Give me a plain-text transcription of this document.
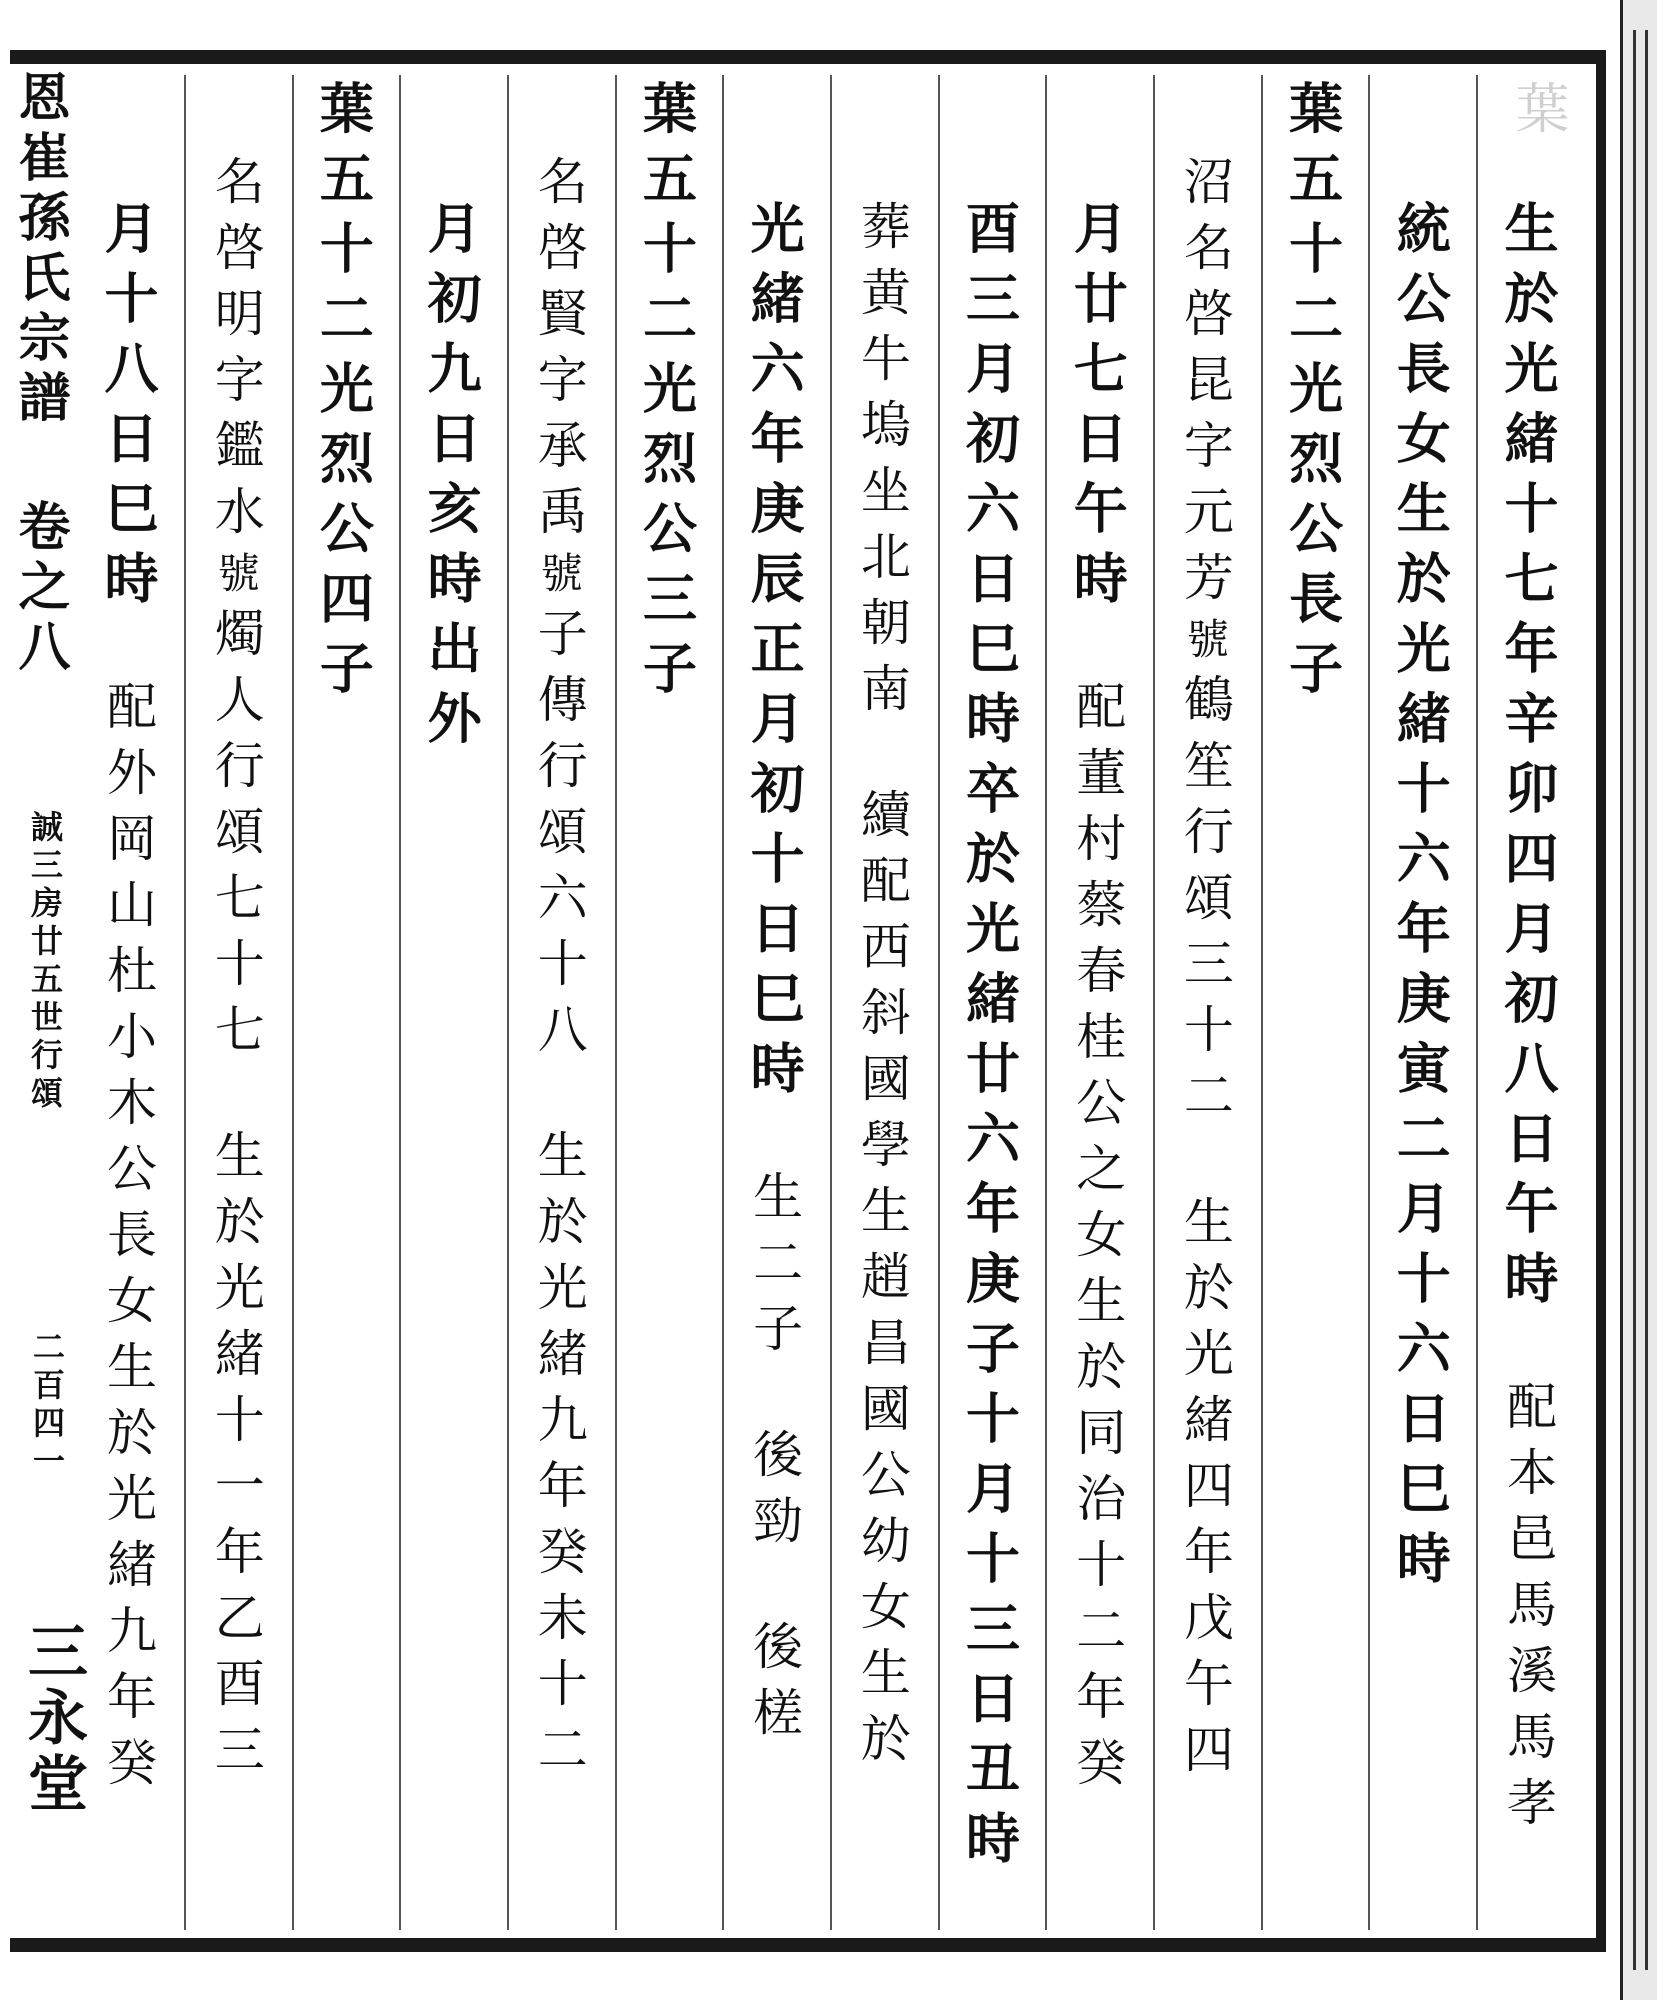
葉
恩崔孫氏宗譜 卷之八
誠三房廿五世行頌
二百四一
三永堂
生於光緒十七年辛卯四月初八日午時配本邑馬溪馬孝
統公長女生於光緒十六年庚寅二月十六日巳時
葉五十二光烈公長子
沼名啓昆字元芳號鶴笙行頌三十二生於光緒四年戊午四
月廿七日午時配董村蔡春桂公之女生於同治十二年癸
酉三月初六日巳時卒於光緒廿六年庚子十月十三日丑時
葬黄牛塢坐北朝南續配西斜國學生趙昌國公幼女生於
光緒六年庚辰正月初十日巳時生二子後勁後槎
葉五十二光烈公三子
名啓賢字承禹號子傳行頌六十八生於光緒九年癸未十二
月初九日亥時出外
葉五十二光烈公四子
名啓明字鑑水號燭人行頌七十七生於光緒十一年乙酉三
月十八日巳時配外岡山杜小木公長女生於光緒九年癸
